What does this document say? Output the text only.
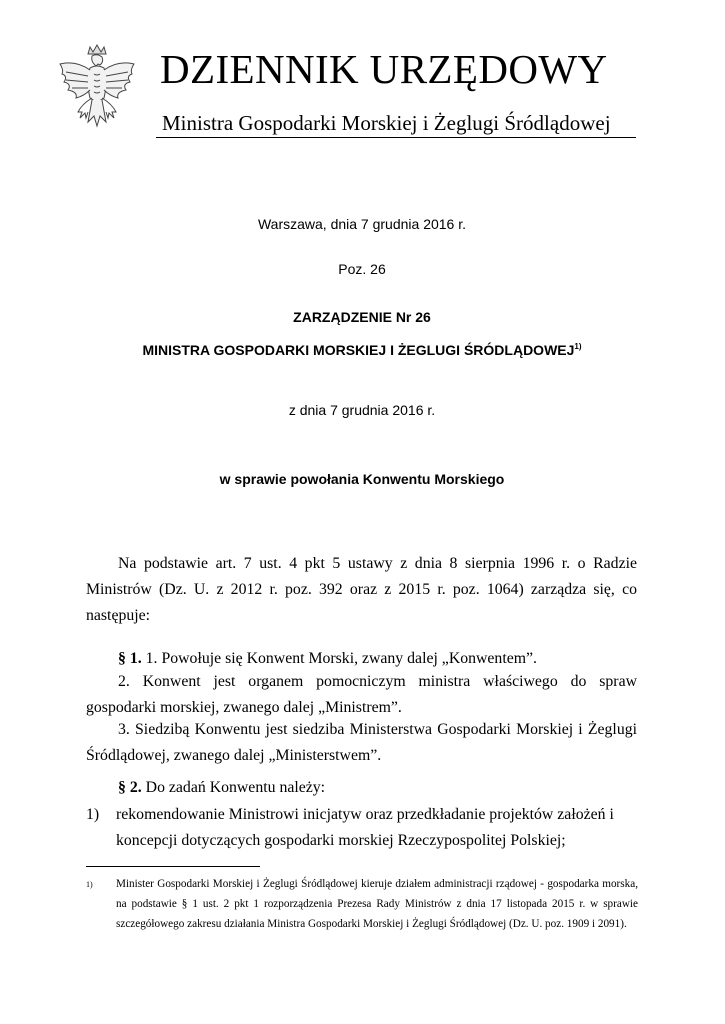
DZIENNIK URZĘDOWY
Ministra Gospodarki Morskiej i Żeglugi Śródlądowej
Warszawa, dnia 7 grudnia 2016 r.
Poz. 26
ZARZĄDZENIE Nr 26
MINISTRA GOSPODARKI MORSKIEJ I ŻEGLUGI ŚRÓDLĄDOWEJ$^{1)}$
z dnia 7 grudnia 2016 r.
w sprawie powołania Konwentu Morskiego
Na podstawie art. 7 ust. 4 pkt 5 ustawy z dnia 8 sierpnia 1996 r. o Radzie Ministrów (Dz. U. z 2012 r. poz. 392 oraz z 2015 r. poz. 1064) zarządza się, co następuje:
§ 1. 1. Powołuje się Konwent Morski, zwany dalej „Konwentem”.
2. Konwent jest organem pomocniczym ministra właściwego do spraw gospodarki morskiej, zwanego dalej „Ministrem”.
3. Siedzibą Konwentu jest siedziba Ministerstwa Gospodarki Morskiej i Żeglugi Śródlądowej, zwanego dalej „Ministerstwem”.
§ 2. Do zadań Konwentu należy:
1) rekomendowanie Ministrowi inicjatyw oraz przedkładanie projektów założeń i koncepcji dotyczących gospodarki morskiej Rzeczypospolitej Polskiej;
1) Minister Gospodarki Morskiej i Żeglugi Śródlądowej kieruje działem administracji rządowej - gospodarka morska, na podstawie § 1 ust. 2 pkt 1 rozporządzenia Prezesa Rady Ministrów z dnia 17 listopada 2015 r. w sprawie szczegółowego zakresu działania Ministra Gospodarki Morskiej i Żeglugi Śródlądowej (Dz. U. poz. 1909 i 2091).
